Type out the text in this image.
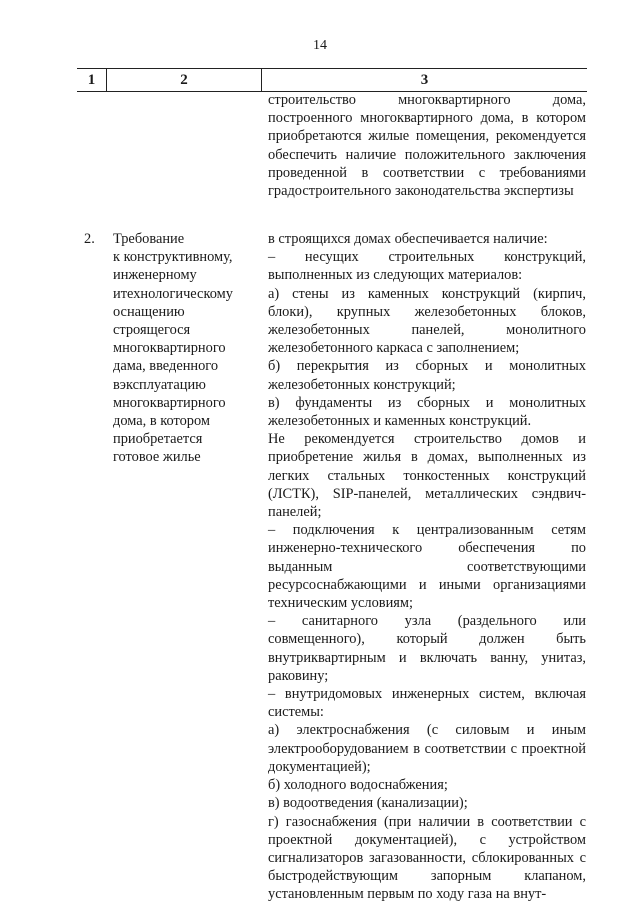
14
1	2	3

строительство многоквартирного дома, построенного многоквартирного дома, в котором приобретаются жилые помещения, рекомендуется обеспечить наличие положительного заключения проведенной в соответствии с требованиями градостроительного законодательства экспертизы

2. Требование
к конструктивному,
инженерному
итехнологическому
оснащению
строящегося
многоквартирного
дама, введенного
вэксплуатацию
многоквартирного
дома, в котором
приобретается
готовое жилье

в строящихся домах обеспечивается наличие:

– несущих строительных конструкций, выполненных из следующих материалов:

а) стены из каменных конструкций (кирпич, блоки), крупных железобетонных блоков, железобетонных панелей, монолитного железобетонного каркаса с заполнением;

б) перекрытия из сборных и монолитных железобетонных конструкций;

в) фундаменты из сборных и монолитных железобетонных и каменных конструкций.

Не рекомендуется строительство домов и приобретение жилья в домах, выполненных из легких стальных тонкостенных конструкций (ЛСТК), SIP-панелей, металлических сэндвич-панелей;

– подключения к централизованным сетям инженерно-технического обеспечения по выданным соответствующими ресурсоснабжающими и иными организациями техническим условиям;

– санитарного узла (раздельного или совмещенного), который должен быть внутриквартирным и включать ванну, унитаз, раковину;

– внутридомовых инженерных систем, включая системы:

а) электроснабжения (с силовым и иным электрооборудованием в соответствии с проектной документацией);

б) холодного водоснабжения;

в) водоотведения (канализации);

г) газоснабжения (при наличии в соответствии с проектной документацией), с устройством сигнализаторов загазованности, сблокированных с быстродействующим запорным клапаном, установленным первым по ходу газа на внут-
